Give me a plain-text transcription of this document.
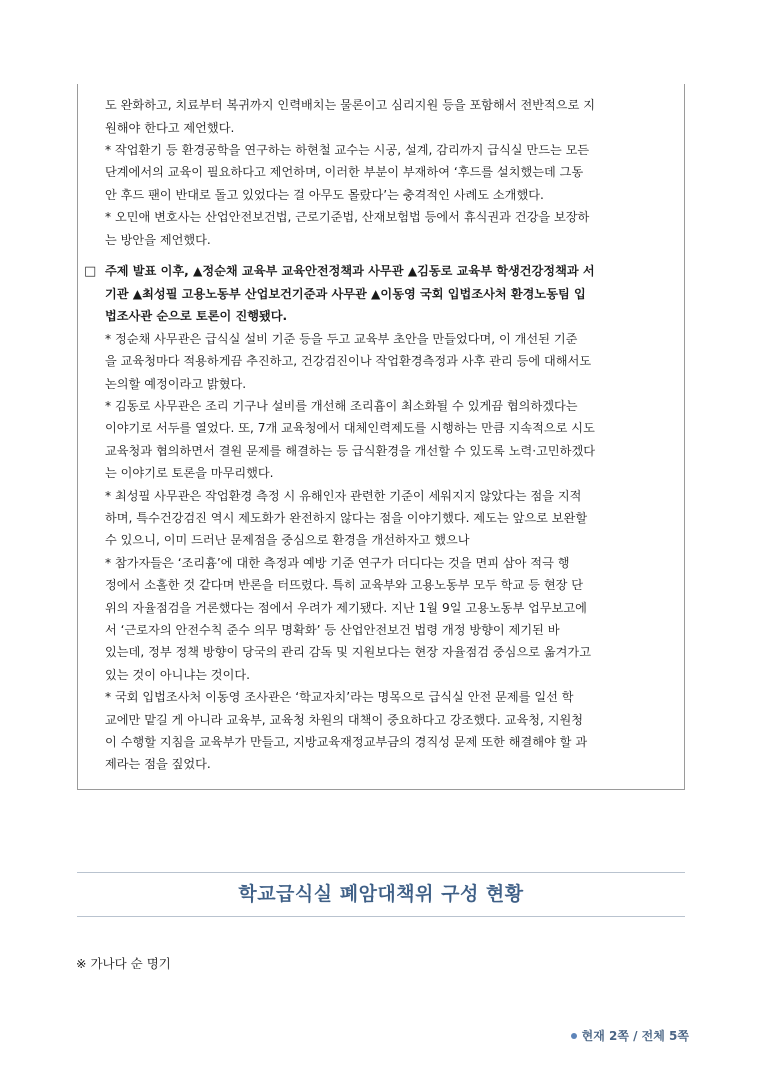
도 완화하고, 치료부터 복귀까지 인력배치는 물론이고 심리지원 등을 포함해서 전반적으로 지
원해야 한다고 제언했다.
* 작업환기 등 환경공학을 연구하는 하현철 교수는 시공, 설계, 감리까지 급식실 만드는 모든
단계에서의 교육이 필요하다고 제언하며, 이러한 부분이 부재하여 ‘후드를 설치했는데 그동
안 후드 팬이 반대로 돌고 있었다는 걸 아무도 몰랐다’는 충격적인 사례도 소개했다.
* 오민애 변호사는 산업안전보건법, 근로기준법, 산재보험법 등에서 휴식권과 건강을 보장하
는 방안을 제언했다.
□ 주제 발표 이후, ▲정순채 교육부 교육안전정책과 사무관 ▲김동로 교육부 학생건강정책과 서
기관 ▲최성필 고용노동부 산업보건기준과 사무관 ▲이동영 국회 입법조사처 환경노동팀 입
법조사관 순으로 토론이 진행됐다.
* 정순채 사무관은 급식실 설비 기준 등을 두고 교육부 초안을 만들었다며, 이 개선된 기준
을 교육청마다 적용하게끔 추진하고, 건강검진이나 작업환경측정과 사후 관리 등에 대해서도
논의할 예정이라고 밝혔다.
* 김동로 사무관은 조리 기구나 설비를 개선해 조리흄이 최소화될 수 있게끔 협의하겠다는
이야기로 서두를 열었다. 또, 7개 교육청에서 대체인력제도를 시행하는 만큼 지속적으로 시도
교육청과 협의하면서 결원 문제를 해결하는 등 급식환경을 개선할 수 있도록 노력·고민하겠다
는 이야기로 토론을 마무리했다.
* 최성필 사무관은 작업환경 측정 시 유해인자 관련한 기준이 세워지지 않았다는 점을 지적
하며, 특수건강검진 역시 제도화가 완전하지 않다는 점을 이야기했다. 제도는 앞으로 보완할
수 있으니, 이미 드러난 문제점을 중심으로 환경을 개선하자고 했으나
* 참가자들은 ‘조리흄’에 대한 측정과 예방 기준 연구가 더디다는 것을 면피 삼아 적극 행
정에서 소홀한 것 같다며 반론을 터뜨렸다. 특히 교육부와 고용노동부 모두 학교 등 현장 단
위의 자율점검을 거론했다는 점에서 우려가 제기됐다. 지난 1월 9일 고용노동부 업무보고에
서 ‘근로자의 안전수칙 준수 의무 명확화’ 등 산업안전보건 법령 개정 방향이 제기된 바
있는데, 정부 정책 방향이 당국의 관리 감독 및 지원보다는 현장 자율점검 중심으로 옮겨가고
있는 것이 아니냐는 것이다.
* 국회 입법조사처 이동영 조사관은 ‘학교자치’라는 명목으로 급식실 안전 문제를 일선 학
교에만 맡길 게 아니라 교육부, 교육청 차원의 대책이 중요하다고 강조했다. 교육청, 지원청
이 수행할 지침을 교육부가 만들고, 지방교육재정교부금의 경직성 문제 또한 해결해야 할 과
제라는 점을 짚었다.
학교급식실 폐암대책위 구성 현황
※ 가나다 순 명기
현재 2쪽 / 전체 5쪽
